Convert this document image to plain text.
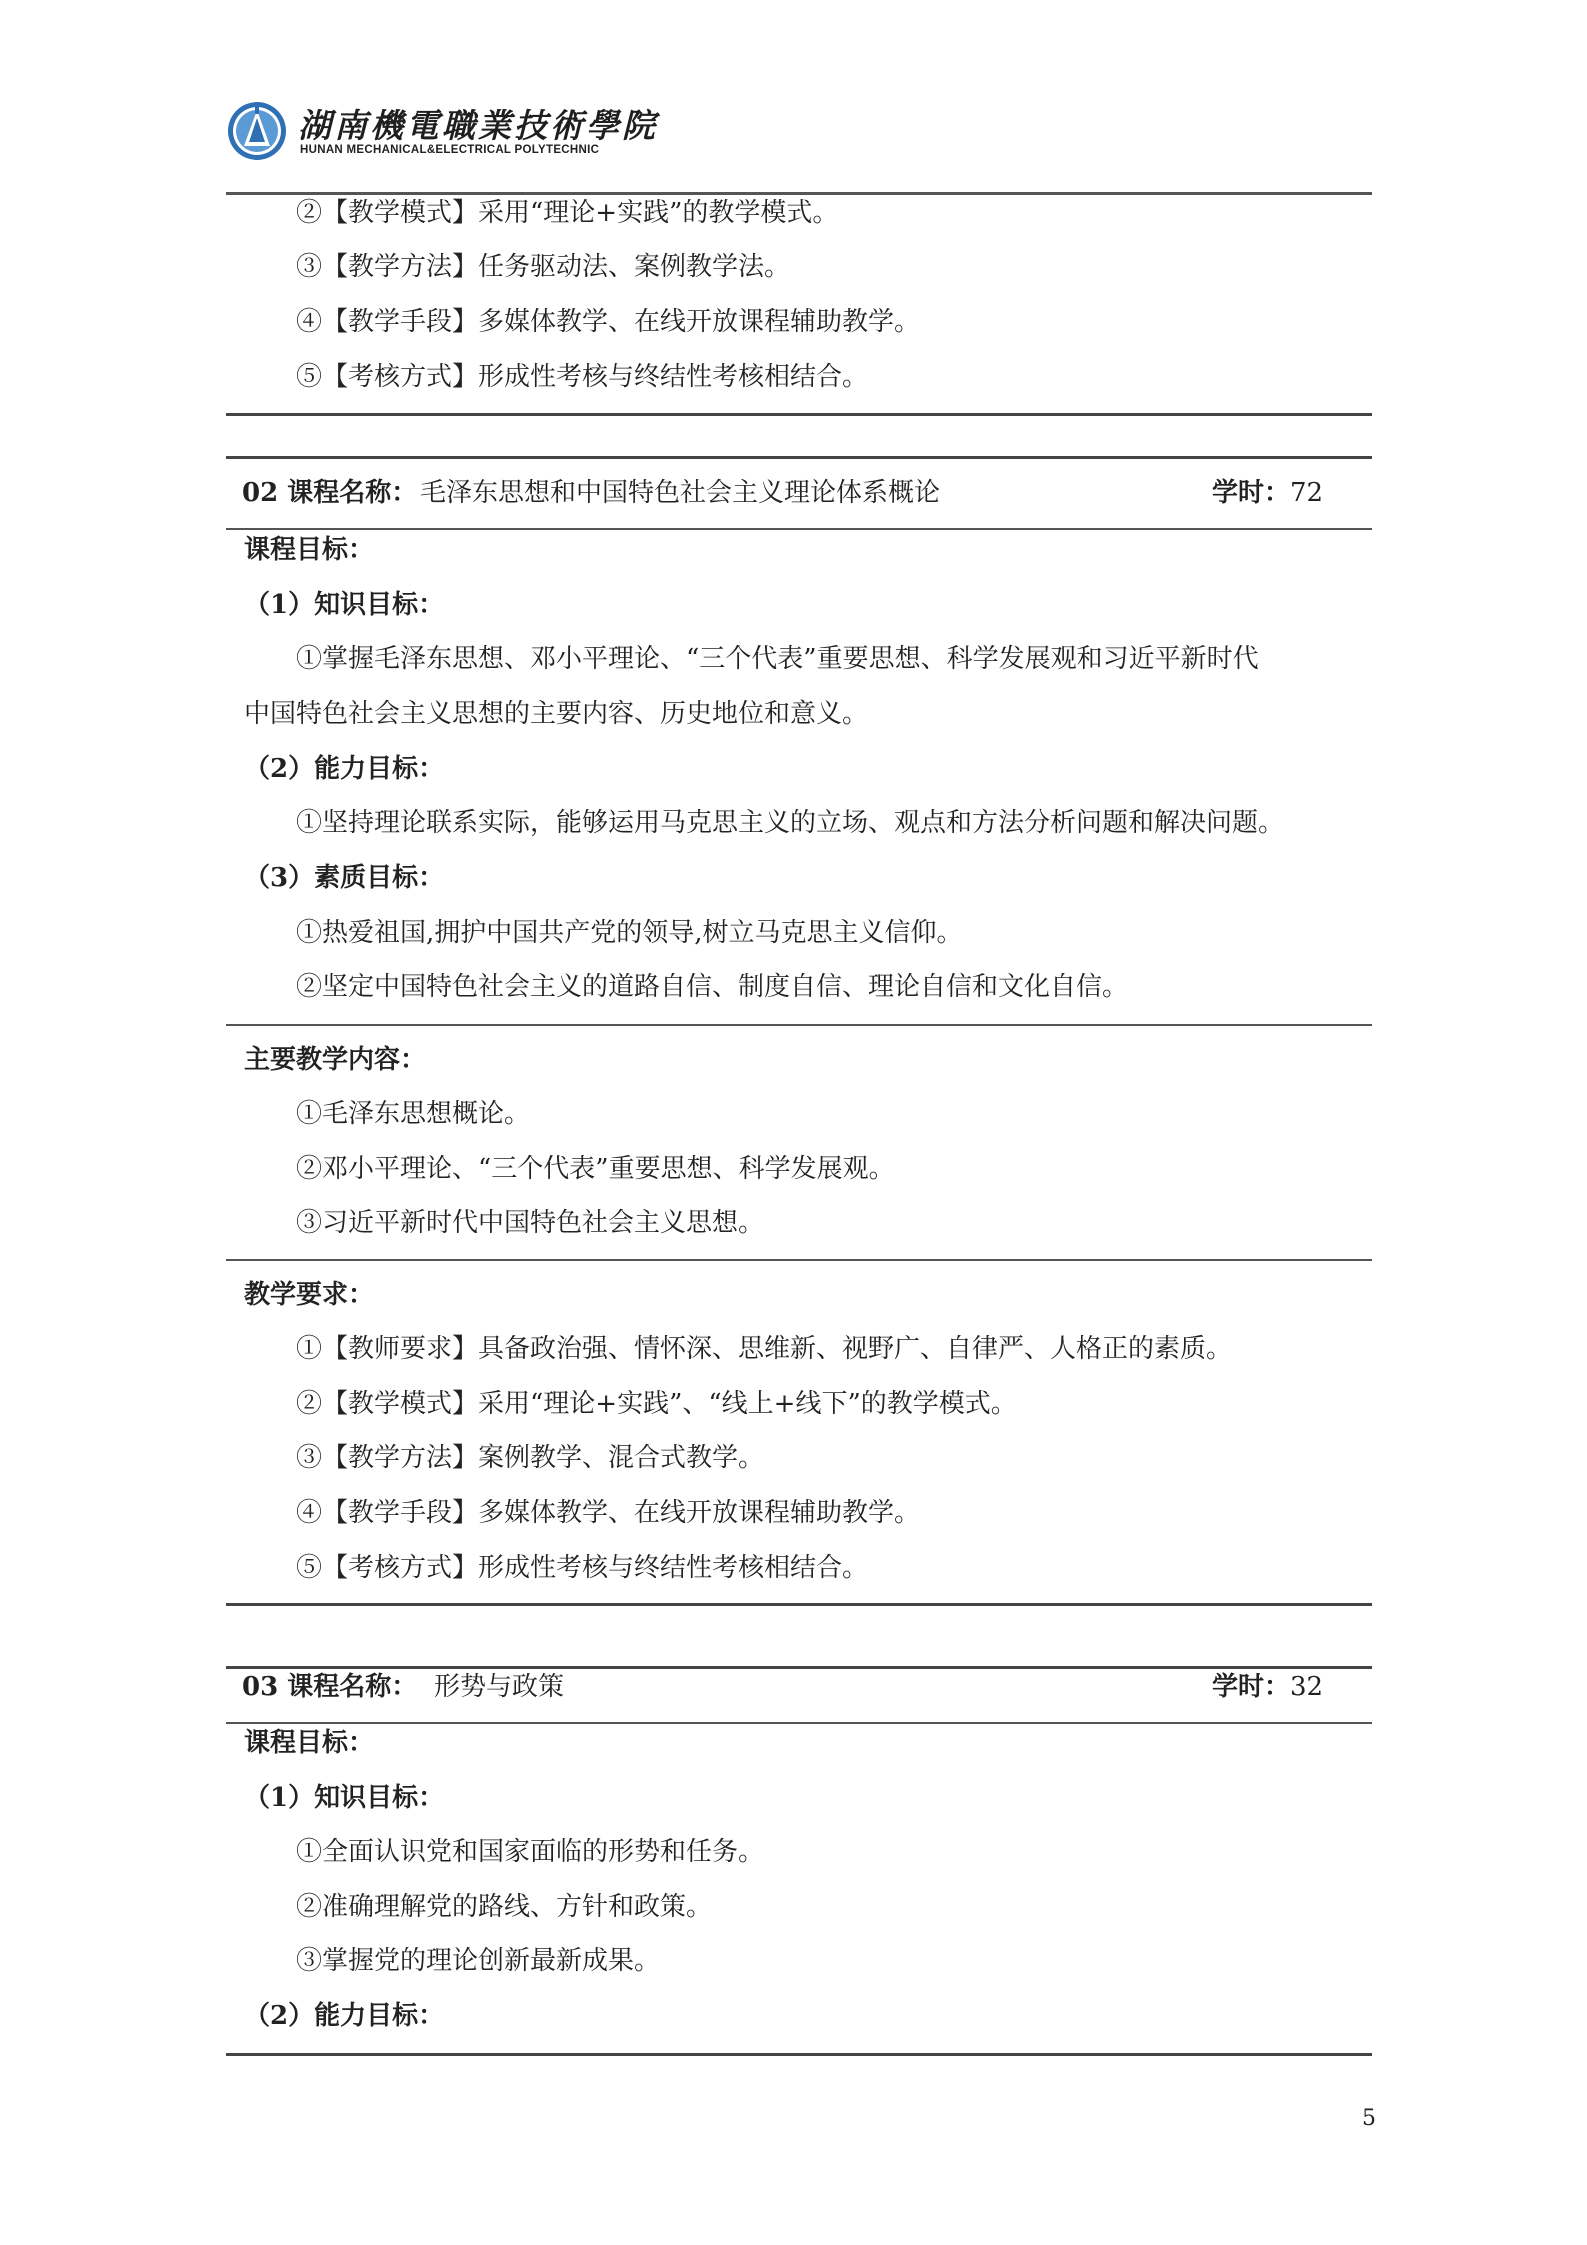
湖南機電職業技術學院
HUNAN MECHANICAL&ELECTRICAL POLYTECHNIC
②【教学模式】采用“理论+实践”的教学模式。
③【教学方法】任务驱动法、案例教学法。
④【教学手段】多媒体教学、在线开放课程辅助教学。
⑤【考核方式】形成性考核与终结性考核相结合。
02 课程名称： 毛泽东思想和中国特色社会主义理论体系概论	学时：72
课程目标：
（1）知识目标：
①掌握毛泽东思想、邓小平理论、“三个代表”重要思想、科学发展观和习近平新时代
中国特色社会主义思想的主要内容、历史地位和意义。
（2）能力目标：
①坚持理论联系实际，能够运用马克思主义的立场、观点和方法分析问题和解决问题。
（3）素质目标：
①热爱祖国,拥护中国共产党的领导,树立马克思主义信仰。
②坚定中国特色社会主义的道路自信、制度自信、理论自信和文化自信。
主要教学内容：
①毛泽东思想概论。
②邓小平理论、“三个代表”重要思想、科学发展观。
③习近平新时代中国特色社会主义思想。
教学要求：
①【教师要求】具备政治强、情怀深、思维新、视野广、自律严、人格正的素质。
②【教学模式】采用“理论+实践”、“线上+线下”的教学模式。
③【教学方法】案例教学、混合式教学。
④【教学手段】多媒体教学、在线开放课程辅助教学。
⑤【考核方式】形成性考核与终结性考核相结合。
03 课程名称： 形势与政策	学时：32
课程目标：
（1）知识目标：
①全面认识党和国家面临的形势和任务。
②准确理解党的路线、方针和政策。
③掌握党的理论创新最新成果。
（2）能力目标：
5
